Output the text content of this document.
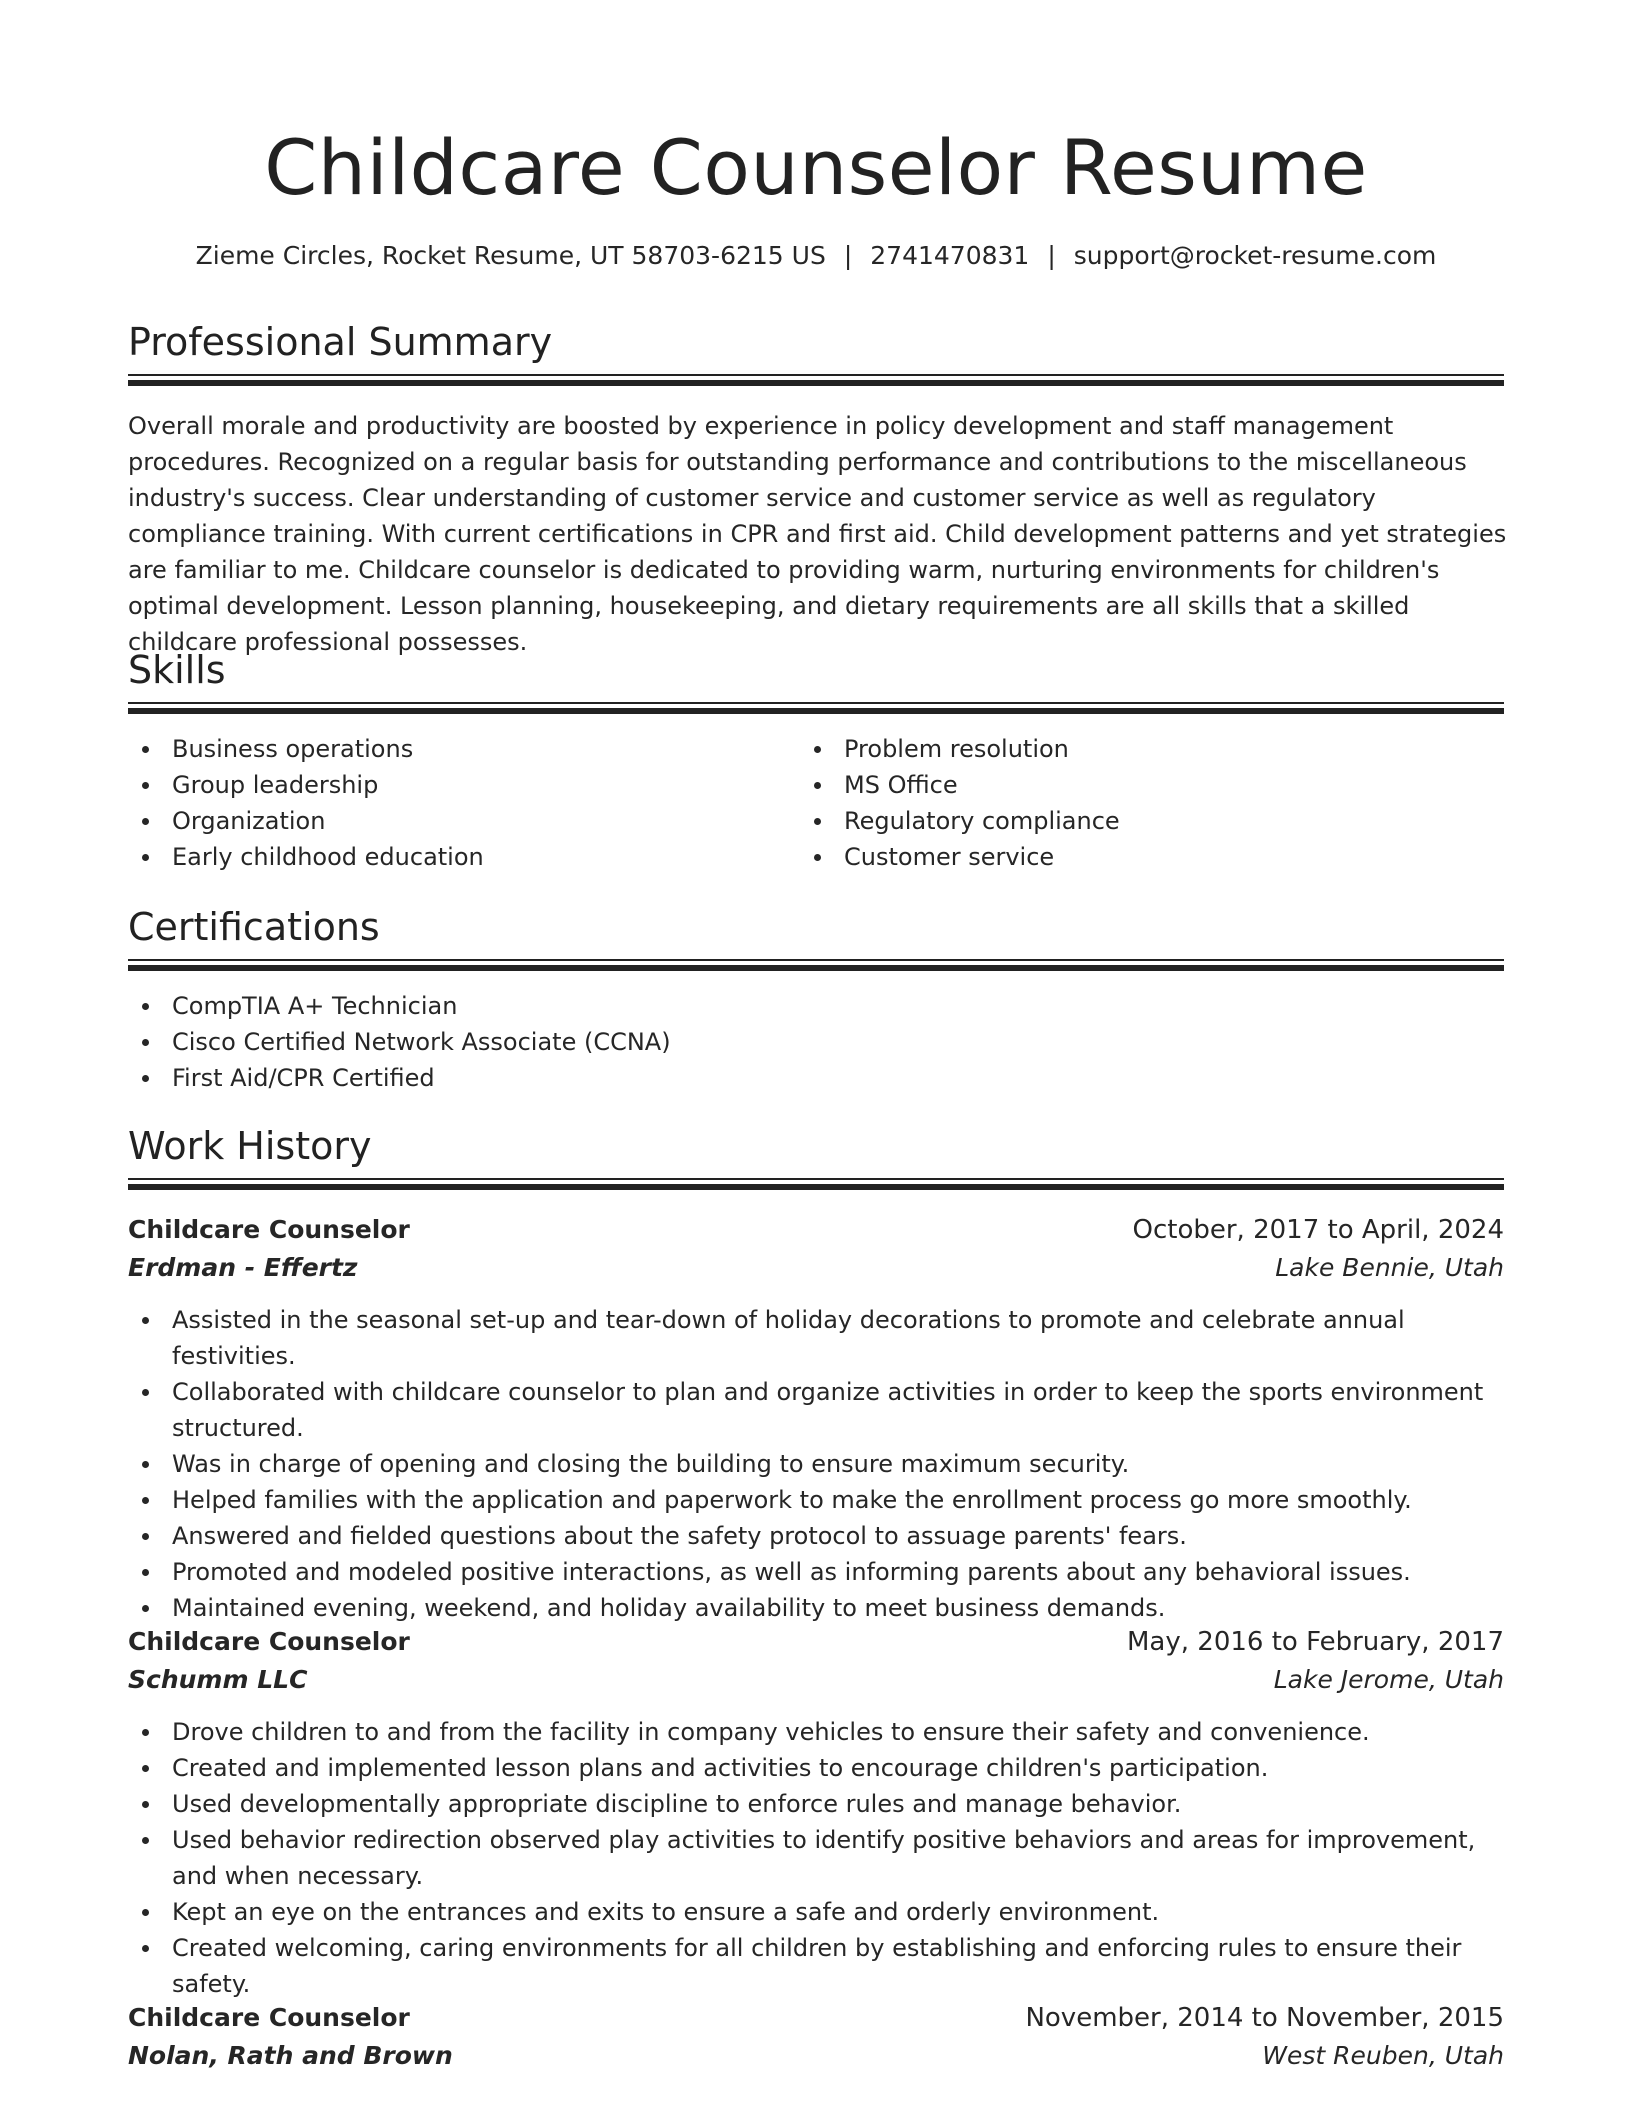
Childcare Counselor Resume
Zieme Circles, Rocket Resume, UT 58703-6215 US | 2741470831 | support@rocket-resume.com
Professional Summary

Overall morale and productivity are boosted by experience in policy development and staff management procedures. Recognized on a regular basis for outstanding performance and contributions to the miscellaneous industry's success. Clear understanding of customer service and customer service as well as regulatory compliance training. With current certifications in CPR and first aid. Child development patterns and yet strategies are familiar to me. Childcare counselor is dedicated to providing warm, nurturing environments for children's optimal development. Lesson planning, housekeeping, and dietary requirements are all skills that a skilled childcare professional possesses.

Skills
Business operations
Group leadership
Organization
Early childhood education
Problem resolution
MS Office
Regulatory compliance
Customer service
Certifications
CompTIA A+ Technician
Cisco Certified Network Associate (CCNA)
First Aid/CPR Certified
Work History
Childcare Counselor	October, 2017 to April, 2024
Erdman - Effertz	Lake Bennie, Utah
Assisted in the seasonal set-up and tear-down of holiday decorations to promote and celebrate annual festivities.
Collaborated with childcare counselor to plan and organize activities in order to keep the sports environment structured.
Was in charge of opening and closing the building to ensure maximum security.
Helped families with the application and paperwork to make the enrollment process go more smoothly.
Answered and fielded questions about the safety protocol to assuage parents' fears.
Promoted and modeled positive interactions, as well as informing parents about any behavioral issues.
Maintained evening, weekend, and holiday availability to meet business demands.
Childcare Counselor	May, 2016 to February, 2017
Schumm LLC	Lake Jerome, Utah
Drove children to and from the facility in company vehicles to ensure their safety and convenience.
Created and implemented lesson plans and activities to encourage children's participation.
Used developmentally appropriate discipline to enforce rules and manage behavior.
Used behavior redirection observed play activities to identify positive behaviors and areas for improvement, and when necessary.
Kept an eye on the entrances and exits to ensure a safe and orderly environment.
Created welcoming, caring environments for all children by establishing and enforcing rules to ensure their safety.
Childcare Counselor	November, 2014 to November, 2015
Nolan, Rath and Brown	West Reuben, Utah
